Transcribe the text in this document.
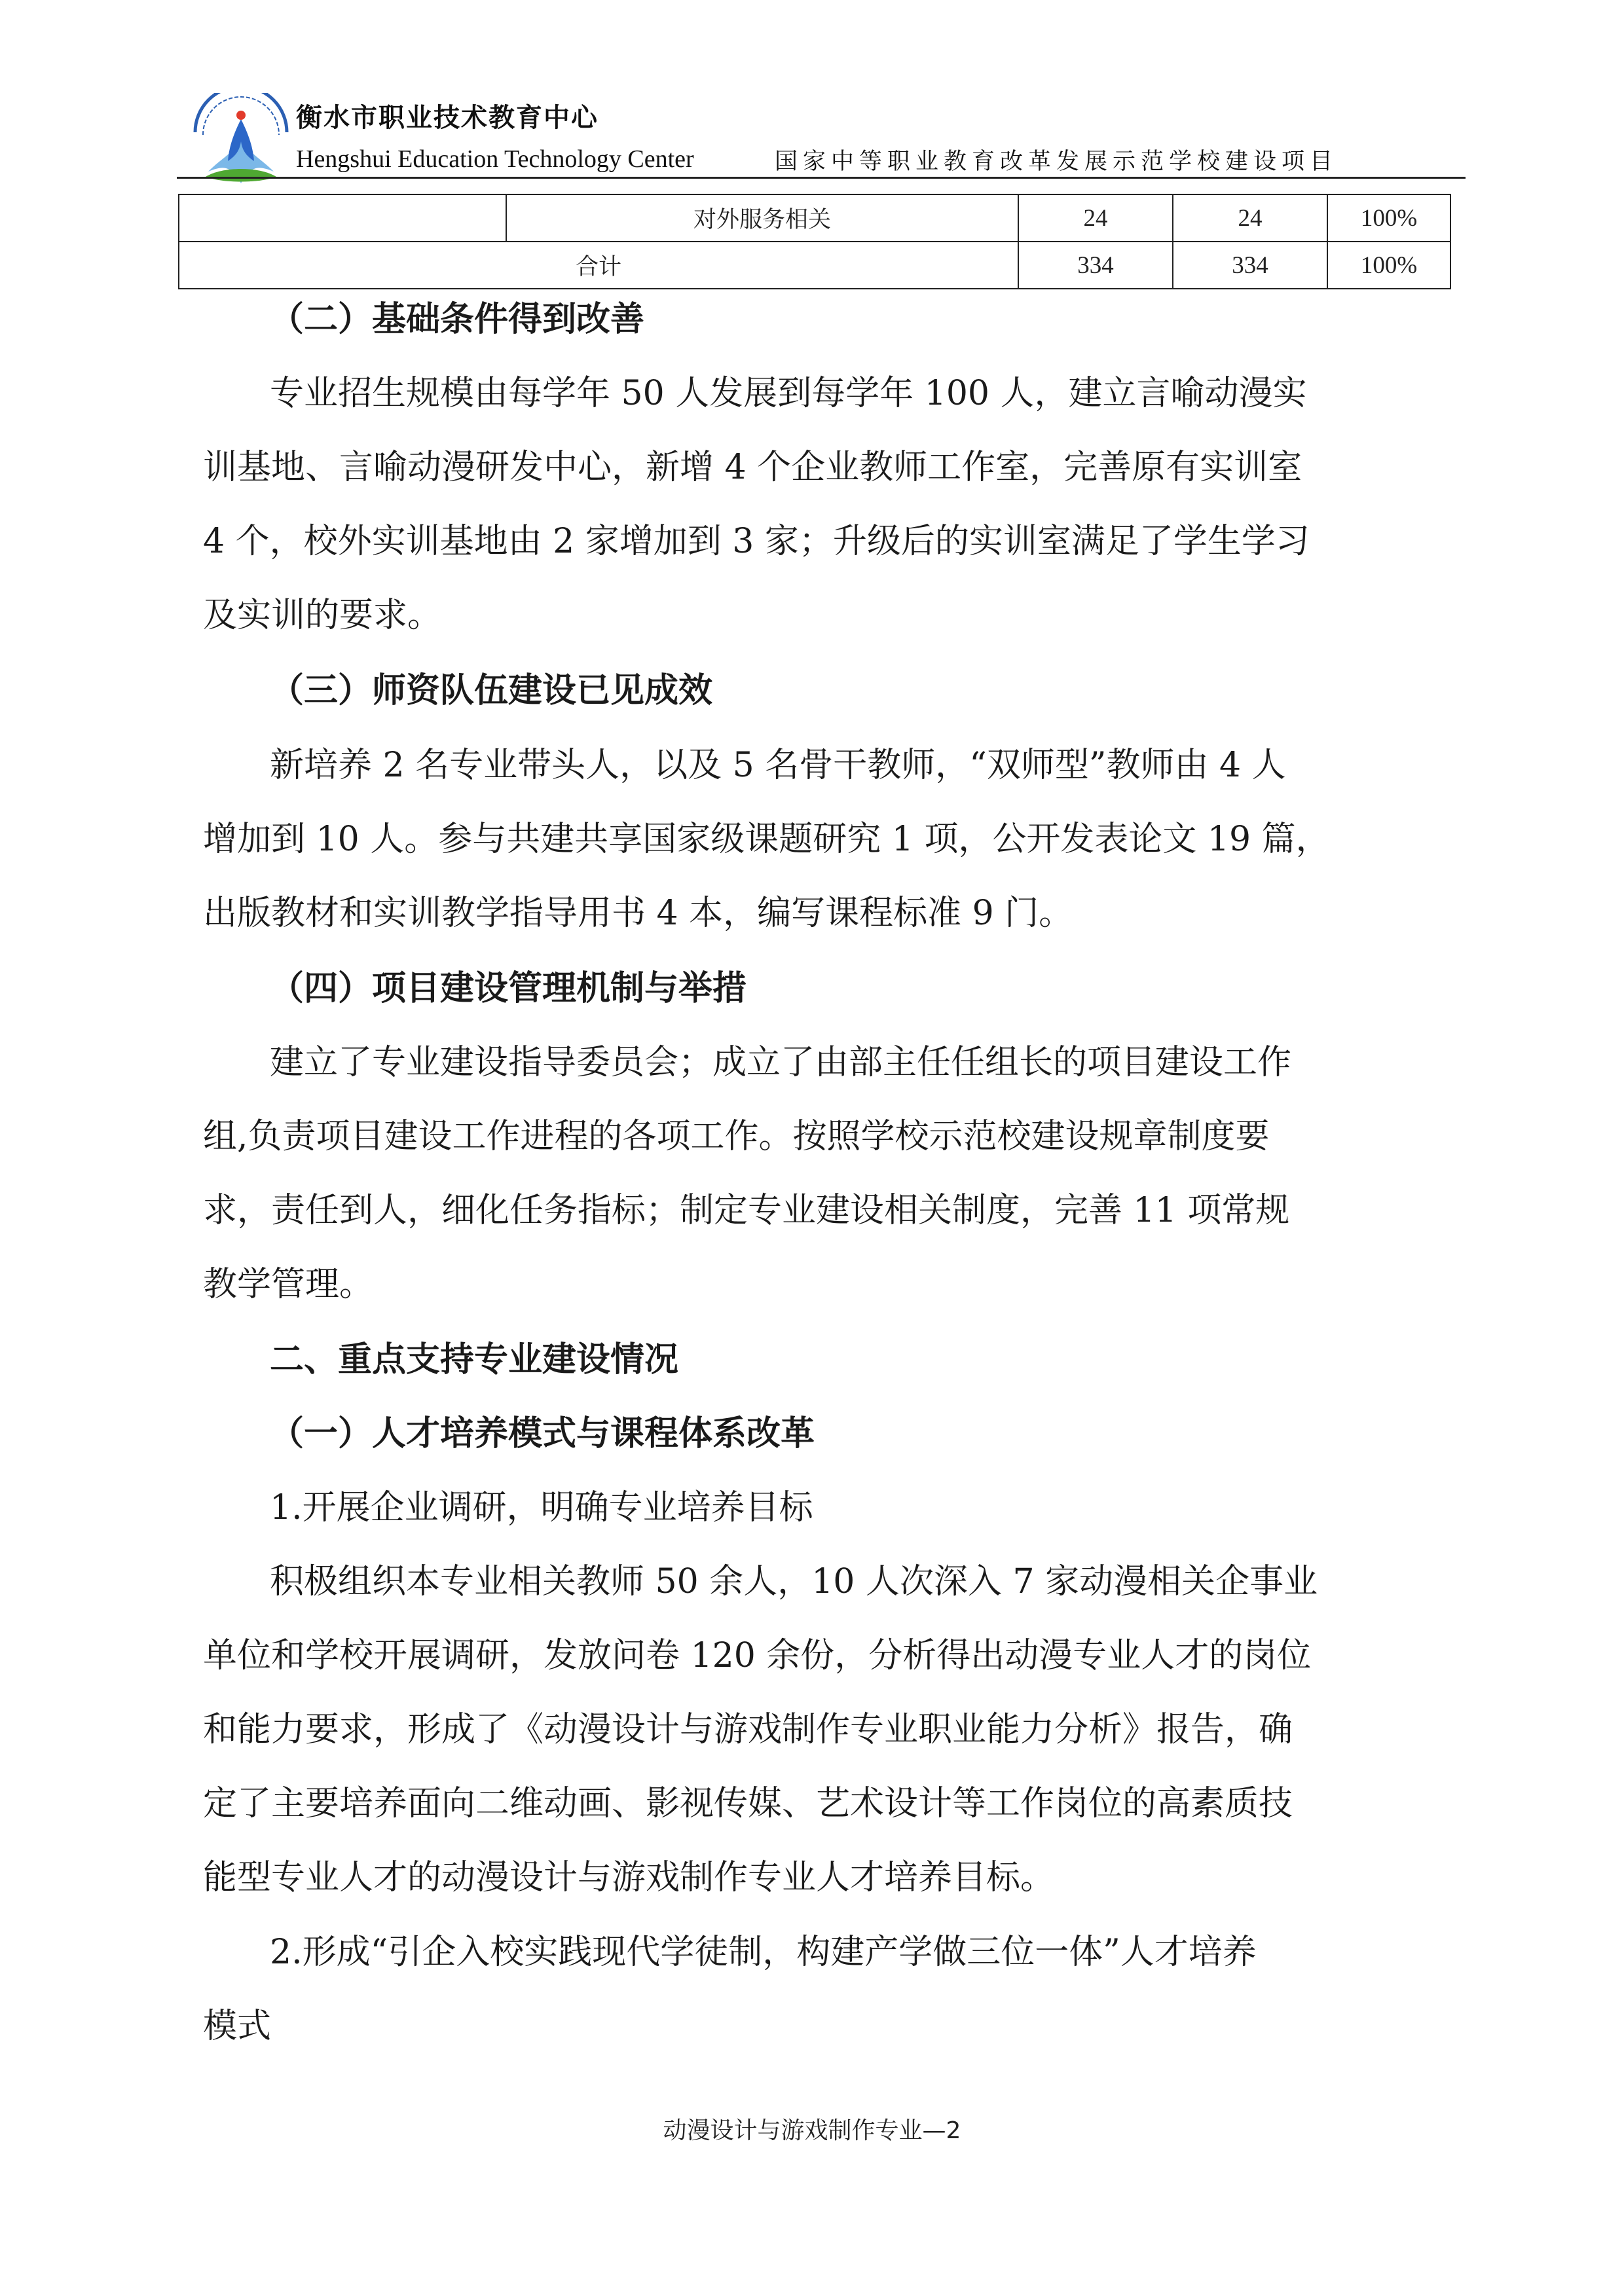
衡水市职业技术教育中心
Hengshui Education Technology Center	国家中等职业教育改革发展示范学校建设项目
	对外服务相关	24	24	100%
合计		334	334	100%
（二）基础条件得到改善
专业招生规模由每学年 50 人发展到每学年 100 人，建立言喻动漫实
训基地、言喻动漫研发中心，新增 4 个企业教师工作室，完善原有实训室
4 个，校外实训基地由 2 家增加到 3 家；升级后的实训室满足了学生学习
及实训的要求。
（三）师资队伍建设已见成效
新培养 2 名专业带头人，以及 5 名骨干教师，“双师型”教师由 4 人
增加到 10 人。参与共建共享国家级课题研究 1 项，公开发表论文 19 篇，
出版教材和实训教学指导用书 4 本，编写课程标准 9 门。
（四）项目建设管理机制与举措
建立了专业建设指导委员会；成立了由部主任任组长的项目建设工作
组,负责项目建设工作进程的各项工作。按照学校示范校建设规章制度要
求，责任到人，细化任务指标；制定专业建设相关制度，完善 11 项常规
教学管理。
二、重点支持专业建设情况
（一）人才培养模式与课程体系改革
1.开展企业调研，明确专业培养目标
积极组织本专业相关教师 50 余人，10 人次深入 7 家动漫相关企事业
单位和学校开展调研，发放问卷 120 余份，分析得出动漫专业人才的岗位
和能力要求，形成了《动漫设计与游戏制作专业职业能力分析》报告，确
定了主要培养面向二维动画、影视传媒、艺术设计等工作岗位的高素质技
能型专业人才的动漫设计与游戏制作专业人才培养目标。
2.形成“引企入校实践现代学徒制，构建产学做三位一体”人才培养
模式
动漫设计与游戏制作专业—2
